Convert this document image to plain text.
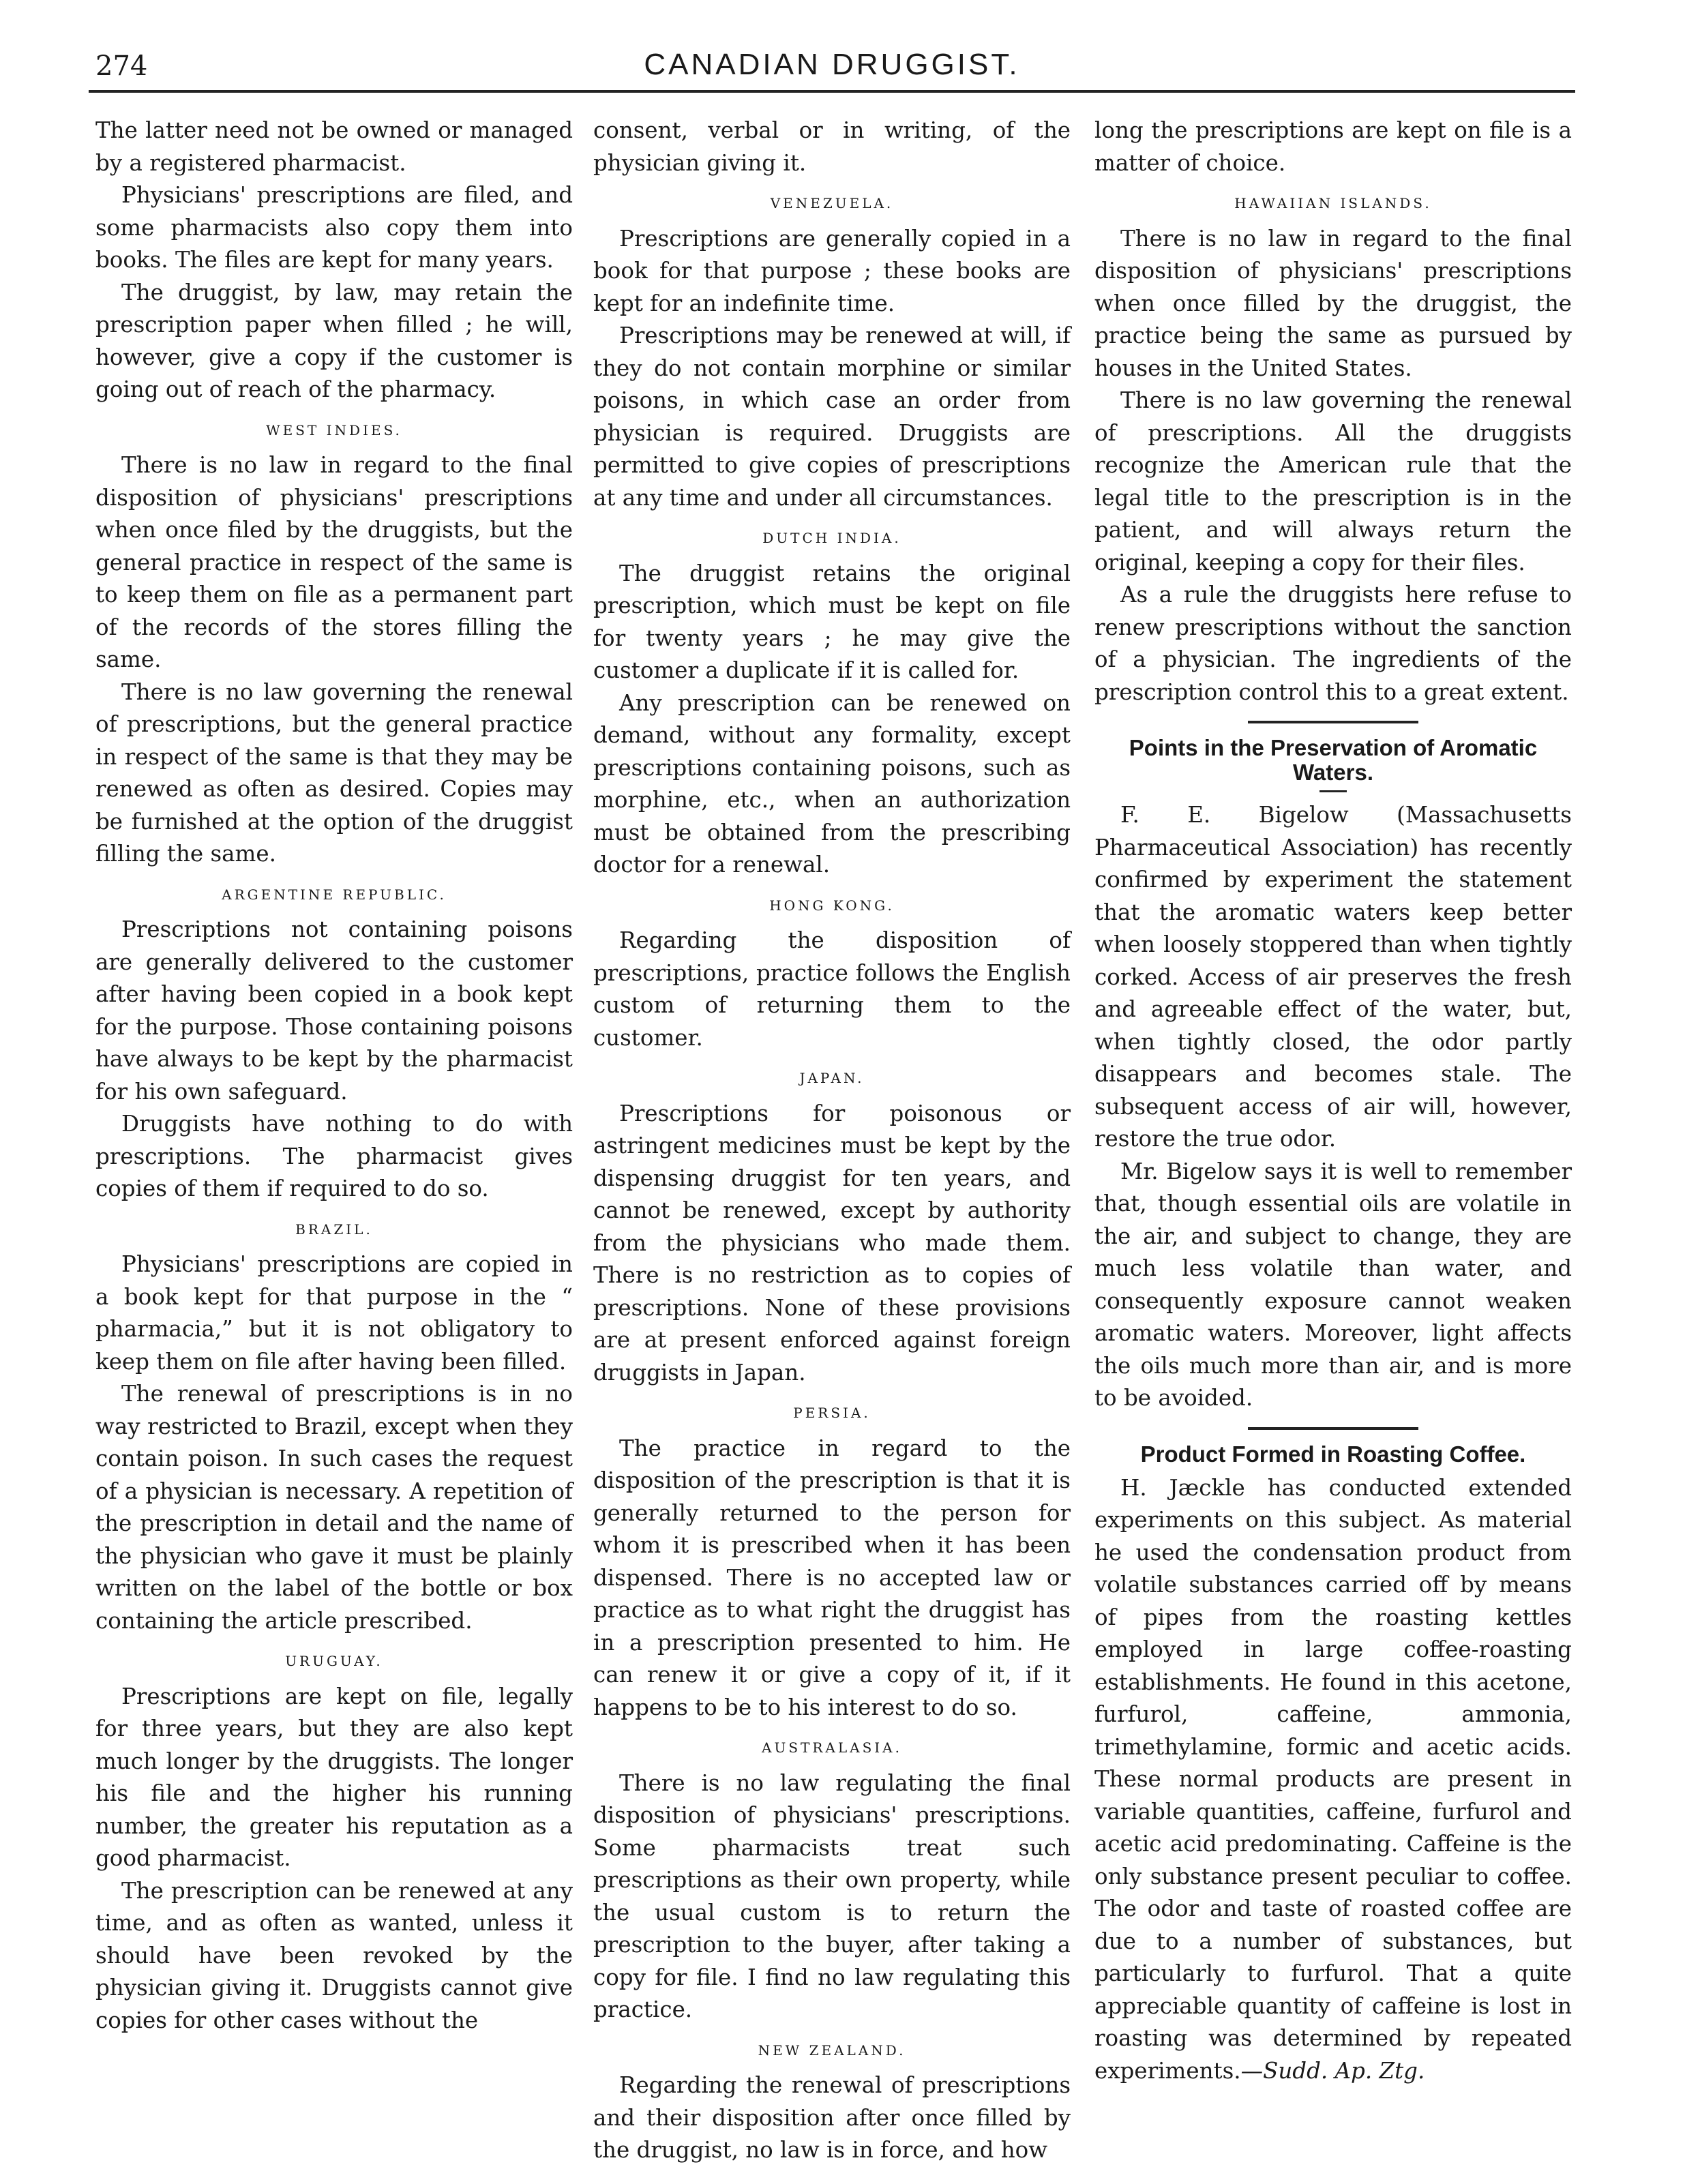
274	CANADIAN DRUGGIST.

The latter need not be owned or managed by a registered pharmacist.

Physicians' prescriptions are filed, and some pharmacists also copy them into books. The files are kept for many years.

The druggist, by law, may retain the prescription paper when filled ; he will, however, give a copy if the customer is going out of reach of the pharmacy.

WEST INDIES.

There is no law in regard to the final disposition of physicians' prescriptions when once filed by the druggists, but the general practice in respect of the same is to keep them on file as a permanent part of the records of the stores filling the same.

There is no law governing the renewal of prescriptions, but the general practice in respect of the same is that they may be renewed as often as desired. Copies may be furnished at the option of the druggist filling the same.

ARGENTINE REPUBLIC.

Prescriptions not containing poisons are generally delivered to the customer after having been copied in a book kept for the purpose. Those containing poisons have always to be kept by the pharmacist for his own safeguard.

Druggists have nothing to do with prescriptions. The pharmacist gives copies of them if required to do so.

BRAZIL.

Physicians' prescriptions are copied in a book kept for that purpose in the “ pharmacia,” but it is not obligatory to keep them on file after having been filled.

The renewal of prescriptions is in no way restricted to Brazil, except when they contain poison. In such cases the request of a physician is necessary. A repetition of the prescription in detail and the name of the physician who gave it must be plainly written on the label of the bottle or box containing the article prescribed.

URUGUAY.

Prescriptions are kept on file, legally for three years, but they are also kept much longer by the druggists. The longer his file and the higher his running number, the greater his reputation as a good pharmacist.

The prescription can be renewed at any time, and as often as wanted, unless it should have been revoked by the physician giving it. Druggists cannot give copies for other cases without the

consent, verbal or in writing, of the physician giving it.

VENEZUELA.

Prescriptions are generally copied in a book for that purpose ; these books are kept for an indefinite time.

Prescriptions may be renewed at will, if they do not contain morphine or similar poisons, in which case an order from physician is required. Druggists are permitted to give copies of prescriptions at any time and under all circumstances.

DUTCH INDIA.

The druggist retains the original prescription, which must be kept on file for twenty years ; he may give the customer a duplicate if it is called for.

Any prescription can be renewed on demand, without any formality, except prescriptions containing poisons, such as morphine, etc., when an authorization must be obtained from the prescribing doctor for a renewal.

HONG KONG.

Regarding the disposition of prescriptions, practice follows the English custom of returning them to the customer.

JAPAN.

Prescriptions for poisonous or astringent medicines must be kept by the dispensing druggist for ten years, and cannot be renewed, except by authority from the physicians who made them. There is no restriction as to copies of prescriptions. None of these provisions are at present enforced against foreign druggists in Japan.

PERSIA.

The practice in regard to the disposition of the prescription is that it is generally returned to the person for whom it is prescribed when it has been dispensed. There is no accepted law or practice as to what right the druggist has in a prescription presented to him. He can renew it or give a copy of it, if it happens to be to his interest to do so.

AUSTRALASIA.

There is no law regulating the final disposition of physicians' prescriptions. Some pharmacists treat such prescriptions as their own property, while the usual custom is to return the prescription to the buyer, after taking a copy for file. I find no law regulating this practice.

NEW ZEALAND.

Regarding the renewal of prescriptions and their disposition after once filled by the druggist, no law is in force, and how

long the prescriptions are kept on file is a matter of choice.

HAWAIIAN ISLANDS.

There is no law in regard to the final disposition of physicians' prescriptions when once filled by the druggist, the practice being the same as pursued by houses in the United States.

There is no law governing the renewal of prescriptions. All the druggists recognize the American rule that the legal title to the prescription is in the patient, and will always return the original, keeping a copy for their files.

As a rule the druggists here refuse to renew prescriptions without the sanction of a physician. The ingredients of the prescription control this to a great extent.

Points in the Preservation of Aromatic Waters.

F. E. Bigelow (Massachusetts Pharmaceutical Association) has recently confirmed by experiment the statement that the aromatic waters keep better when loosely stoppered than when tightly corked. Access of air preserves the fresh and agreeable effect of the water, but, when tightly closed, the odor partly disappears and becomes stale. The subsequent access of air will, however, restore the true odor.

Mr. Bigelow says it is well to remember that, though essential oils are volatile in the air, and subject to change, they are much less volatile than water, and consequently exposure cannot weaken aromatic waters. Moreover, light affects the oils much more than air, and is more to be avoided.

Product Formed in Roasting Coffee.

H. Jæckle has conducted extended experiments on this subject. As material he used the condensation product from volatile substances carried off by means of pipes from the roasting kettles employed in large coffee-roasting establishments. He found in this acetone, furfurol, caffeine, ammonia, trimethylamine, formic and acetic acids. These normal products are present in variable quantities, caffeine, furfurol and acetic acid predominating. Caffeine is the only substance present peculiar to coffee. The odor and taste of roasted coffee are due to a number of substances, but particularly to furfurol. That a quite appreciable quantity of caffeine is lost in roasting was determined by repeated experiments.—Sudd. Ap. Ztg.
